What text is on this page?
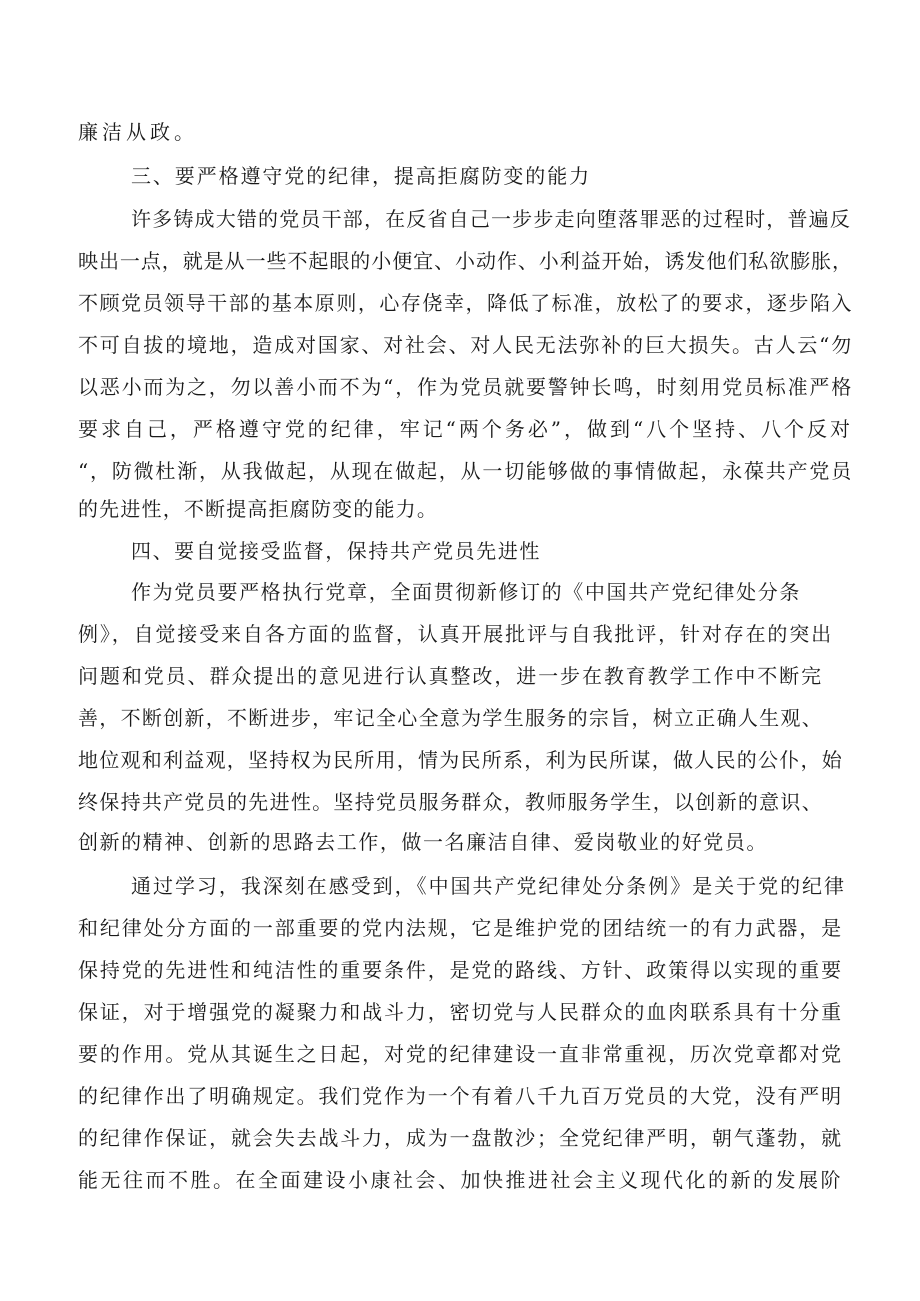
廉洁从政。
三、要严格遵守党的纪律，提高拒腐防变的能力
许多铸成大错的党员干部，在反省自己一步步走向堕落罪恶的过程时，普遍反
映出一点，就是从一些不起眼的小便宜、小动作、小利益开始，诱发他们私欲膨胀，
不顾党员领导干部的基本原则，心存侥幸，降低了标准，放松了的要求，逐步陷入
不可自拔的境地，造成对国家、对社会、对人民无法弥补的巨大损失。古人云“勿
以恶小而为之，勿以善小而不为“，作为党员就要警钟长鸣，时刻用党员标准严格
要求自己，严格遵守党的纪律，牢记“两个务必”，做到“八个坚持、八个反对
“，防微杜渐，从我做起，从现在做起，从一切能够做的事情做起，永葆共产党员
的先进性，不断提高拒腐防变的能力。
四、要自觉接受监督，保持共产党员先进性
作为党员要严格执行党章，全面贯彻新修订的《中国共产党纪律处分条
例》，自觉接受来自各方面的监督，认真开展批评与自我批评，针对存在的突出
问题和党员、群众提出的意见进行认真整改，进一步在教育教学工作中不断完
善，不断创新，不断进步，牢记全心全意为学生服务的宗旨，树立正确人生观、
地位观和利益观，坚持权为民所用，情为民所系，利为民所谋，做人民的公仆，始
终保持共产党员的先进性。坚持党员服务群众，教师服务学生，以创新的意识、
创新的精神、创新的思路去工作，做一名廉洁自律、爱岗敬业的好党员。
通过学习，我深刻在感受到，《中国共产党纪律处分条例》是关于党的纪律
和纪律处分方面的一部重要的党内法规，它是维护党的团结统一的有力武器，是
保持党的先进性和纯洁性的重要条件，是党的路线、方针、政策得以实现的重要
保证，对于增强党的凝聚力和战斗力，密切党与人民群众的血肉联系具有十分重
要的作用。党从其诞生之日起，对党的纪律建设一直非常重视，历次党章都对党
的纪律作出了明确规定。我们党作为一个有着八千九百万党员的大党，没有严明
的纪律作保证，就会失去战斗力，成为一盘散沙；全党纪律严明，朝气蓬勃，就
能无往而不胜。在全面建设小康社会、加快推进社会主义现代化的新的发展阶
